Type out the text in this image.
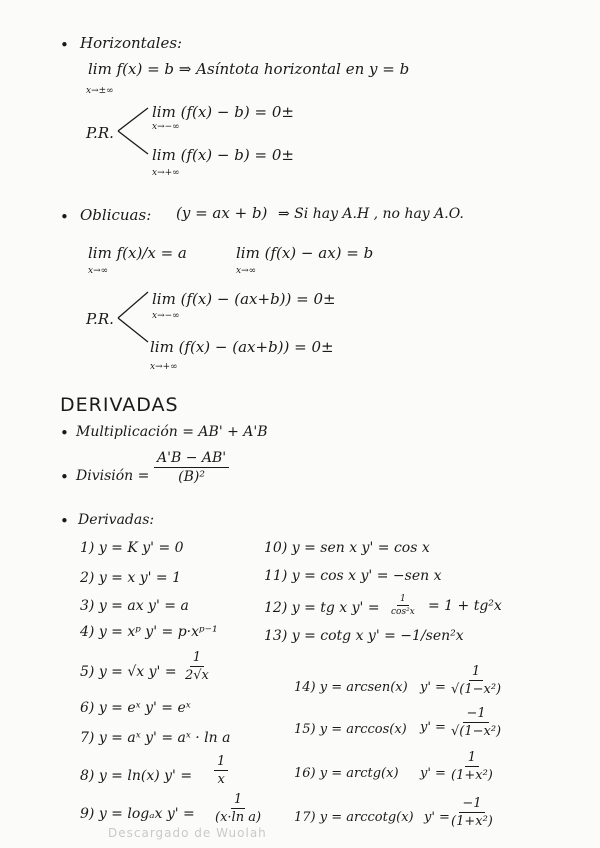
• Horizontales:
lim f(x) = b ⇒ Asíntota horizontal en y = b
x→±∞
P.R.
lim (f(x) − b) = 0±
x→−∞
lim (f(x) − b) = 0±
x→+∞
• Oblicuas: (y = ax + b) ⇒ Si hay A.H , no hay A.O.
lim f(x)/x = a
x→∞
lim (f(x) − ax) = b
x→∞
P.R.
lim (f(x) − (ax+b)) = 0±
x→−∞
lim (f(x) − (ax+b)) = 0±
x→+∞
DERIVADAS
• Multiplicación = AB' + A'B
• División = $\frac{A'B - AB'}{\text{(B)²}}$
• Derivadas:
1) y = K y' = 0
2) y = x y' = 1
3) y = ax y' = a
4) y = xᵖ y' = p·xᵖ⁻¹
5) y = √x $y' = \frac{1}{2√x}$
6) y = eˣ y' = eˣ
7) y = aˣ y' = aˣ · ln a
8) y = ln(x) $y' = \frac{1}{x}$
9) y = logₐx $y' = \frac{1}{\text{(x·ln a)}}$
10) y = sen x y' = cos x
11) y = cos x y' = −sen x
12) y = tg x $y' = \frac{1}{\text{cos²x}} = 1 + tg^2x$
13) y = cotg x y' = −1/sen²x
14) y = arcsen(x) $y' = \frac{1}{\text{√(1−x²)}}$
15) y = arccos(x) $y' = \frac{-1}{\text{√(1−x²)}}$
16) y = arctg(x) $y' = \frac{1}{\text{(1+x²)}}$
17) y = arccotg(x) y' =
$\frac{-1}{\text{(1+x²)}}$
Descargado de Wuolah
